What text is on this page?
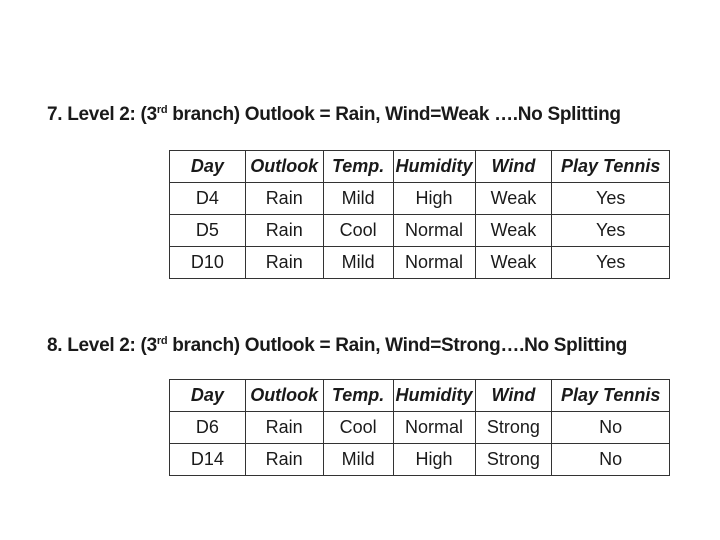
7. Level 2: (3rd branch) Outlook = Rain, Wind=Weak ….No Splitting
Day	Outlook	Temp.	Humidity	Wind	Play Tennis
D4	Rain	Mild	High	Weak	Yes
D5	Rain	Cool	Normal	Weak	Yes
D10	Rain	Mild	Normal	Weak	Yes
8. Level 2: (3rd branch) Outlook = Rain, Wind=Strong….No Splitting
Day	Outlook	Temp.	Humidity	Wind	Play Tennis
D6	Rain	Cool	Normal	Strong	No
D14	Rain	Mild	High	Strong	No
